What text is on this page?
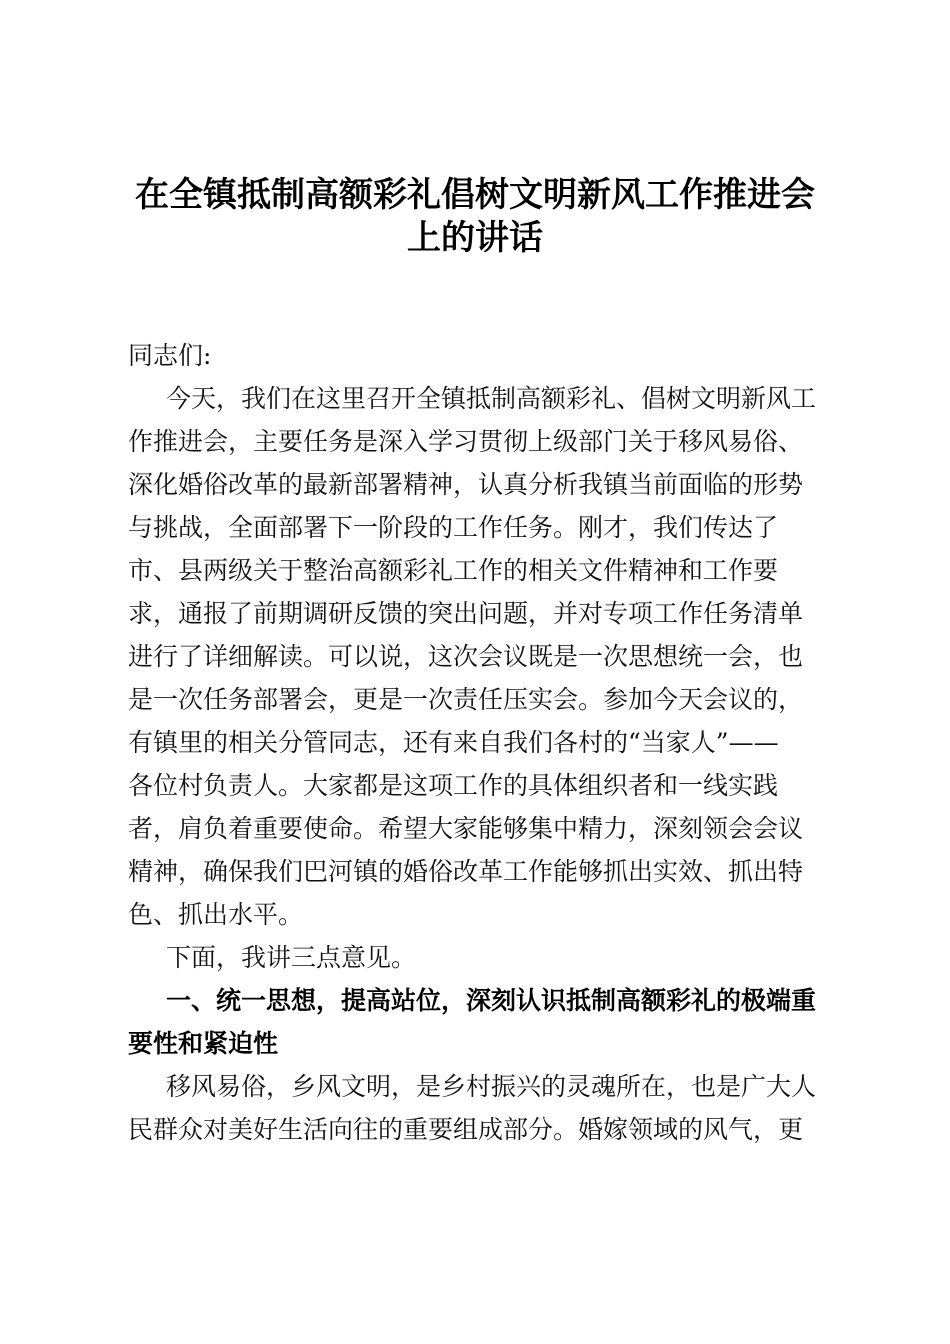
在全镇抵制高额彩礼倡树文明新风工作推进会
上的讲话
同志们:
今天，我们在这里召开全镇抵制高额彩礼、倡树文明新风工
作推进会，主要任务是深入学习贯彻上级部门关于移风易俗、
深化婚俗改革的最新部署精神，认真分析我镇当前面临的形势
与挑战，全面部署下一阶段的工作任务。刚才，我们传达了
市、县两级关于整治高额彩礼工作的相关文件精神和工作要
求，通报了前期调研反馈的突出问题，并对专项工作任务清单
进行了详细解读。可以说，这次会议既是一次思想统一会，也
是一次任务部署会，更是一次责任压实会。参加今天会议的，
有镇里的相关分管同志，还有来自我们各村的“当家人”——
各位村负责人。大家都是这项工作的具体组织者和一线实践
者，肩负着重要使命。希望大家能够集中精力，深刻领会会议
精神，确保我们巴河镇的婚俗改革工作能够抓出实效、抓出特
色、抓出水平。
下面，我讲三点意见。
一、统一思想，提高站位，深刻认识抵制高额彩礼的极端重
要性和紧迫性
移风易俗，乡风文明，是乡村振兴的灵魂所在，也是广大人
民群众对美好生活向往的重要组成部分。婚嫁领域的风气，更
